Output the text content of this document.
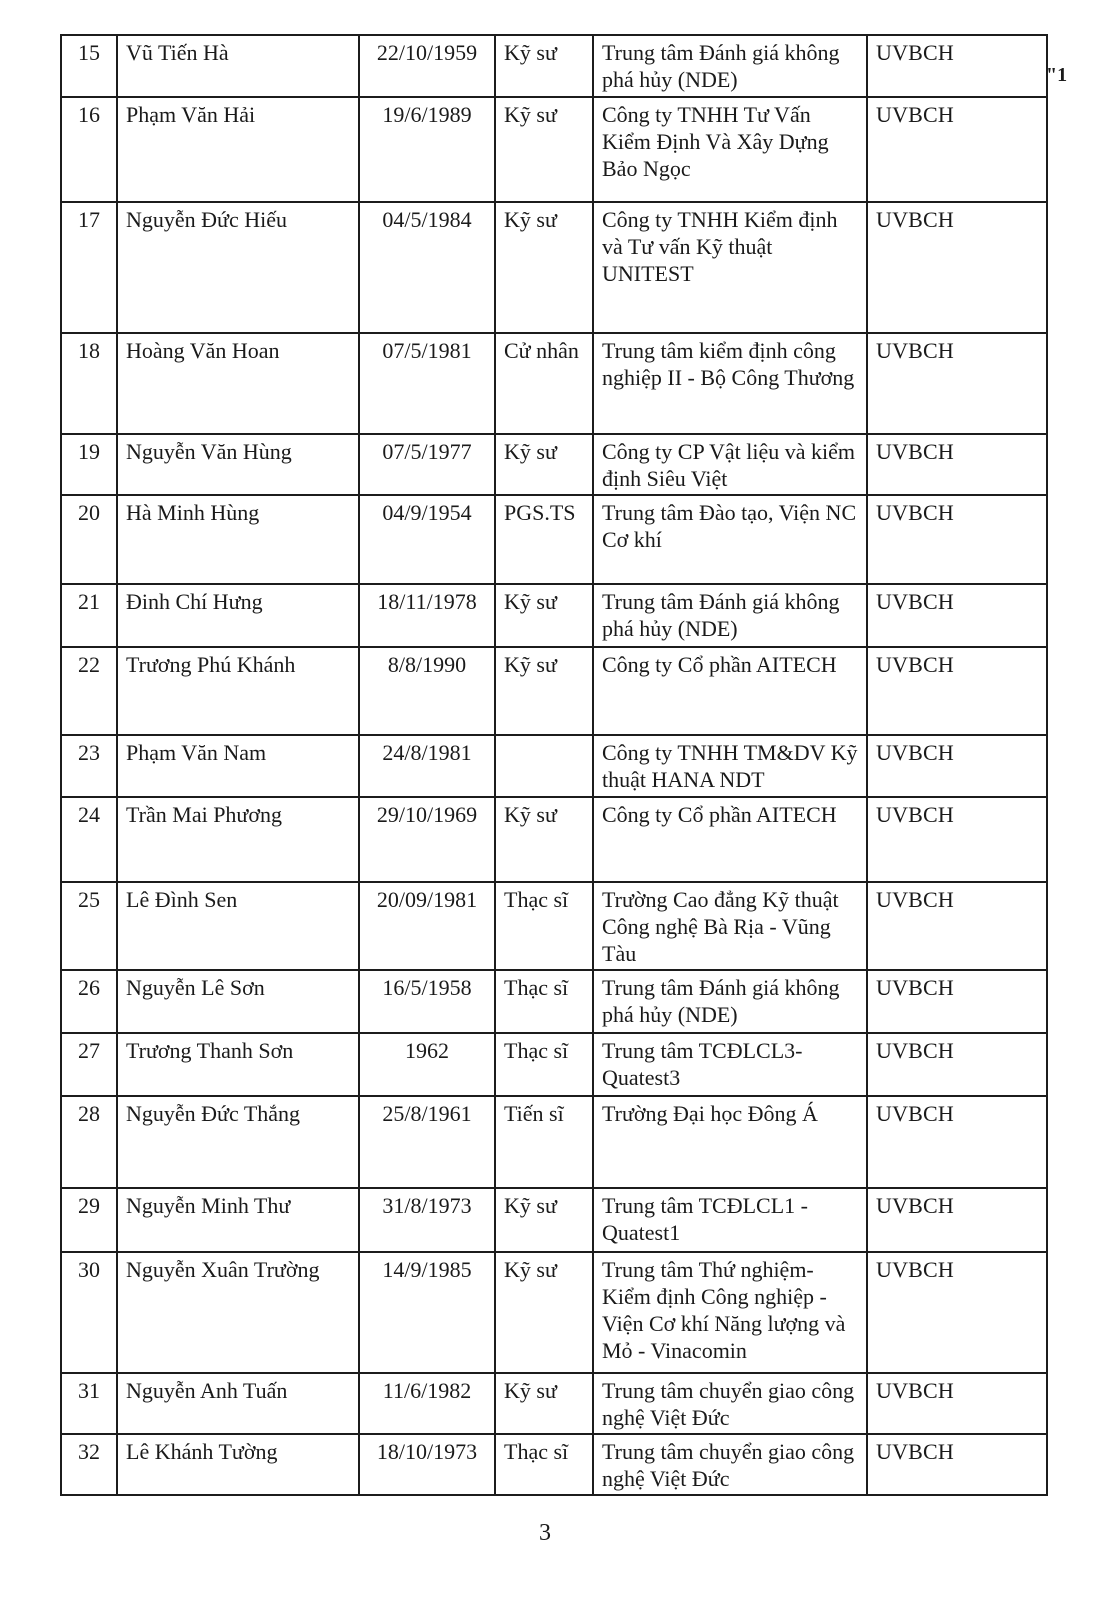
"1
15	Vũ Tiến Hà	22/10/1959	Kỹ sư	Trung tâm Đánh giá không phá hủy (NDE)	UVBCH
16	Phạm Văn Hải	19/6/1989	Kỹ sư	Công ty TNHH Tư Vấn Kiểm Định Và Xây Dựng Bảo Ngọc	UVBCH
17	Nguyễn Đức Hiếu	04/5/1984	Kỹ sư	Công ty TNHH Kiểm định và Tư vấn Kỹ thuật UNITEST	UVBCH
18	Hoàng Văn Hoan	07/5/1981	Cử nhân	Trung tâm kiểm định công nghiệp II - Bộ Công Thương	UVBCH
19	Nguyễn Văn Hùng	07/5/1977	Kỹ sư	Công ty CP Vật liệu và kiểm định Siêu Việt	UVBCH
20	Hà Minh Hùng	04/9/1954	PGS.TS	Trung tâm Đào tạo, Viện NC Cơ khí	UVBCH
21	Đinh Chí Hưng	18/11/1978	Kỹ sư	Trung tâm Đánh giá không phá hủy (NDE)	UVBCH
22	Trương Phú Khánh	8/8/1990	Kỹ sư	Công ty Cổ phần AITECH	UVBCH
23	Phạm Văn Nam	24/8/1981		Công ty TNHH TM&DV Kỹ thuật HANA NDT	UVBCH
24	Trần Mai Phương	29/10/1969	Kỹ sư	Công ty Cổ phần AITECH	UVBCH
25	Lê Đình Sen	20/09/1981	Thạc sĩ	Trường Cao đẳng Kỹ thuật Công nghệ Bà Rịa - Vũng Tàu	UVBCH
26	Nguyễn Lê Sơn	16/5/1958	Thạc sĩ	Trung tâm Đánh giá không phá hủy (NDE)	UVBCH
27	Trương Thanh Sơn	1962	Thạc sĩ	Trung tâm TCĐLCL3- Quatest3	UVBCH
28	Nguyễn Đức Thắng	25/8/1961	Tiến sĩ	Trường Đại học Đông Á	UVBCH
29	Nguyễn Minh Thư	31/8/1973	Kỹ sư	Trung tâm TCĐLCL1 - Quatest1	UVBCH
30	Nguyễn Xuân Trường	14/9/1985	Kỹ sư	Trung tâm Thứ nghiệm-Kiểm định Công nghiệp - Viện Cơ khí Năng lượng và Mỏ - Vinacomin	UVBCH
31	Nguyễn Anh Tuấn	11/6/1982	Kỹ sư	Trung tâm chuyển giao công nghệ Việt Đức	UVBCH
32	Lê Khánh Tường	18/10/1973	Thạc sĩ	Trung tâm chuyển giao công nghệ Việt Đức	UVBCH
3
